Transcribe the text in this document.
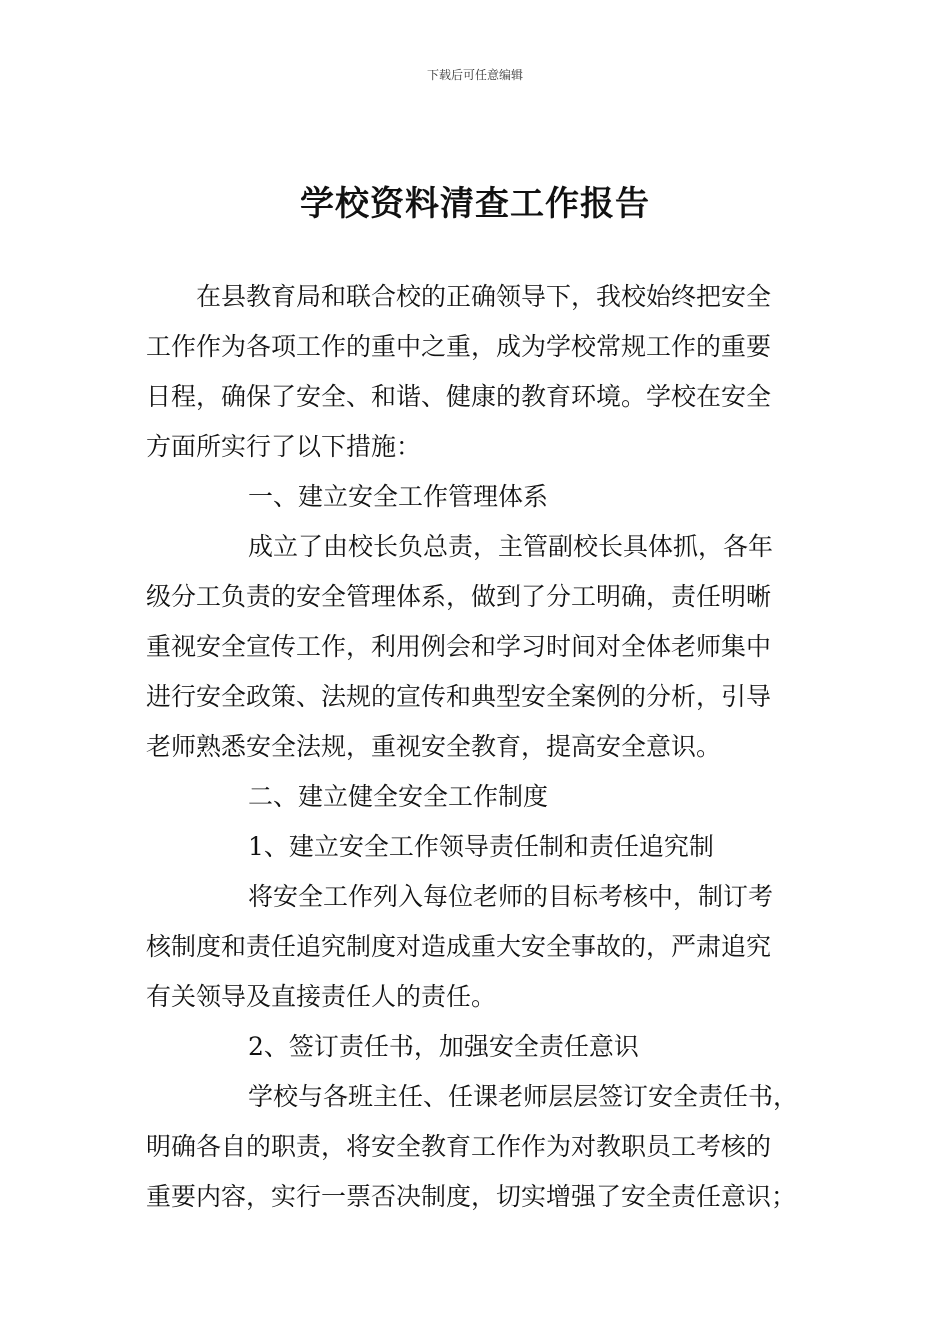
下载后可任意编辑
学校资料清查工作报告

在县教育局和联合校的正确领导下，我校始终把安全

工作作为各项工作的重中之重，成为学校常规工作的重要

日程，确保了安全、和谐、健康的教育环境。学校在安全

方面所实行了以下措施：

一、建立安全工作管理体系

成立了由校长负总责，主管副校长具体抓，各年

级分工负责的安全管理体系，做到了分工明确，责任明晰

重视安全宣传工作，利用例会和学习时间对全体老师集中

进行安全政策、法规的宣传和典型安全案例的分析，引导

老师熟悉安全法规，重视安全教育，提高安全意识。

二、建立健全安全工作制度

1、建立安全工作领导责任制和责任追究制

将安全工作列入每位老师的目标考核中，制订考

核制度和责任追究制度对造成重大安全事故的，严肃追究

有关领导及直接责任人的责任。

2、签订责任书，加强安全责任意识

学校与各班主任、任课老师层层签订安全责任书，

明确各自的职责，将安全教育工作作为对教职员工考核的

重要内容，实行一票否决制度，切实增强了安全责任意识；
